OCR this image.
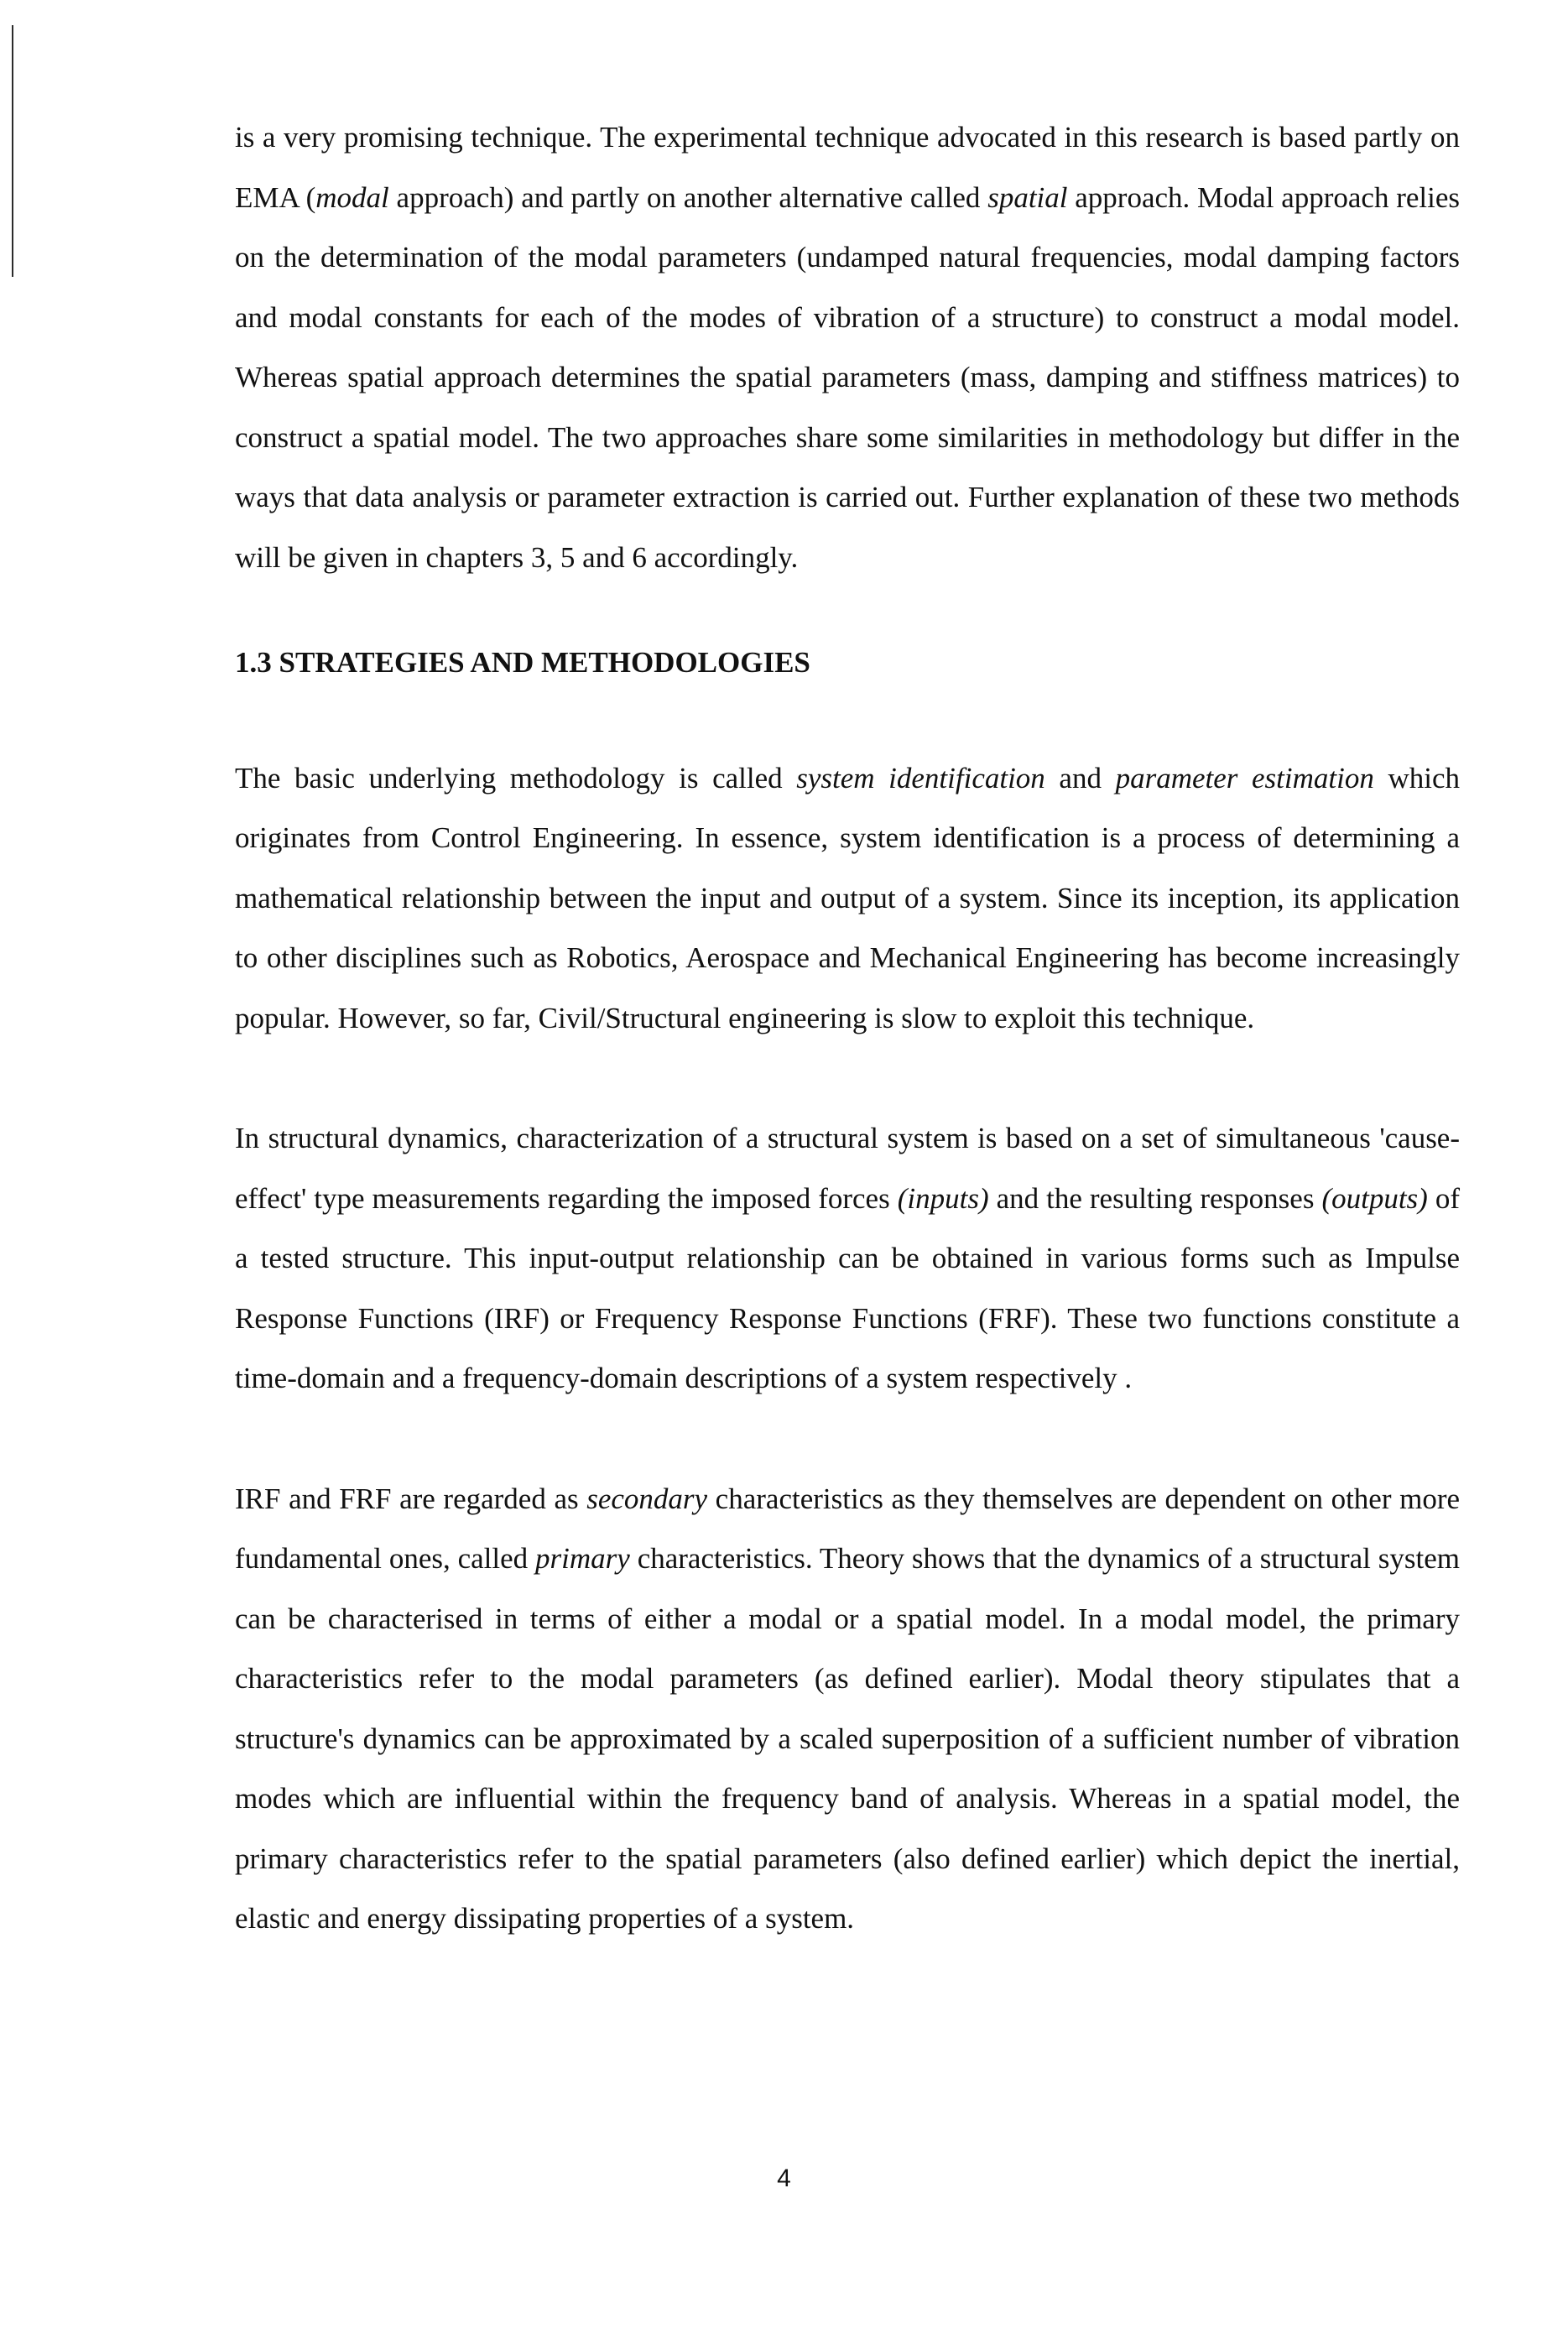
is a very promising technique. The experimental technique advocated in this research is based partly on EMA (modal approach) and partly on another alternative called spatial approach. Modal approach relies on the determination of the modal parameters (undamped natural frequencies, modal damping factors and modal constants for each of the modes of vibration of a structure) to construct a modal model. Whereas spatial approach determines the spatial parameters (mass, damping and stiffness matrices) to construct a spatial model. The two approaches share some similarities in methodology but differ in the ways that data analysis or parameter extraction is carried out. Further explanation of these two methods will be given in chapters 3, 5 and 6 accordingly.

1.3 STRATEGIES AND METHODOLOGIES

The basic underlying methodology is called system identification and parameter estimation which originates from Control Engineering. In essence, system identification is a process of determining a mathematical relationship between the input and output of a system. Since its inception, its application to other disciplines such as Robotics, Aerospace and Mechanical Engineering has become increasingly popular. However, so far, Civil/Structural engineering is slow to exploit this technique.

In structural dynamics, characterization of a structural system is based on a set of simultaneous 'cause-effect' type measurements regarding the imposed forces (inputs) and the resulting responses (outputs) of a tested structure. This input-output relationship can be obtained in various forms such as Impulse Response Functions (IRF) or Frequency Response Functions (FRF). These two functions constitute a time-domain and a frequency-domain descriptions of a system respectively .

IRF and FRF are regarded as secondary characteristics as they themselves are dependent on other more fundamental ones, called primary characteristics. Theory shows that the dynamics of a structural system can be characterised in terms of either a modal or a spatial model. In a modal model, the primary characteristics refer to the modal parameters (as defined earlier). Modal theory stipulates that a structure's dynamics can be approximated by a scaled superposition of a sufficient number of vibration modes which are influential within the frequency band of analysis. Whereas in a spatial model, the primary characteristics refer to the spatial parameters (also defined earlier) which depict the inertial, elastic and energy dissipating properties of a system.

4
